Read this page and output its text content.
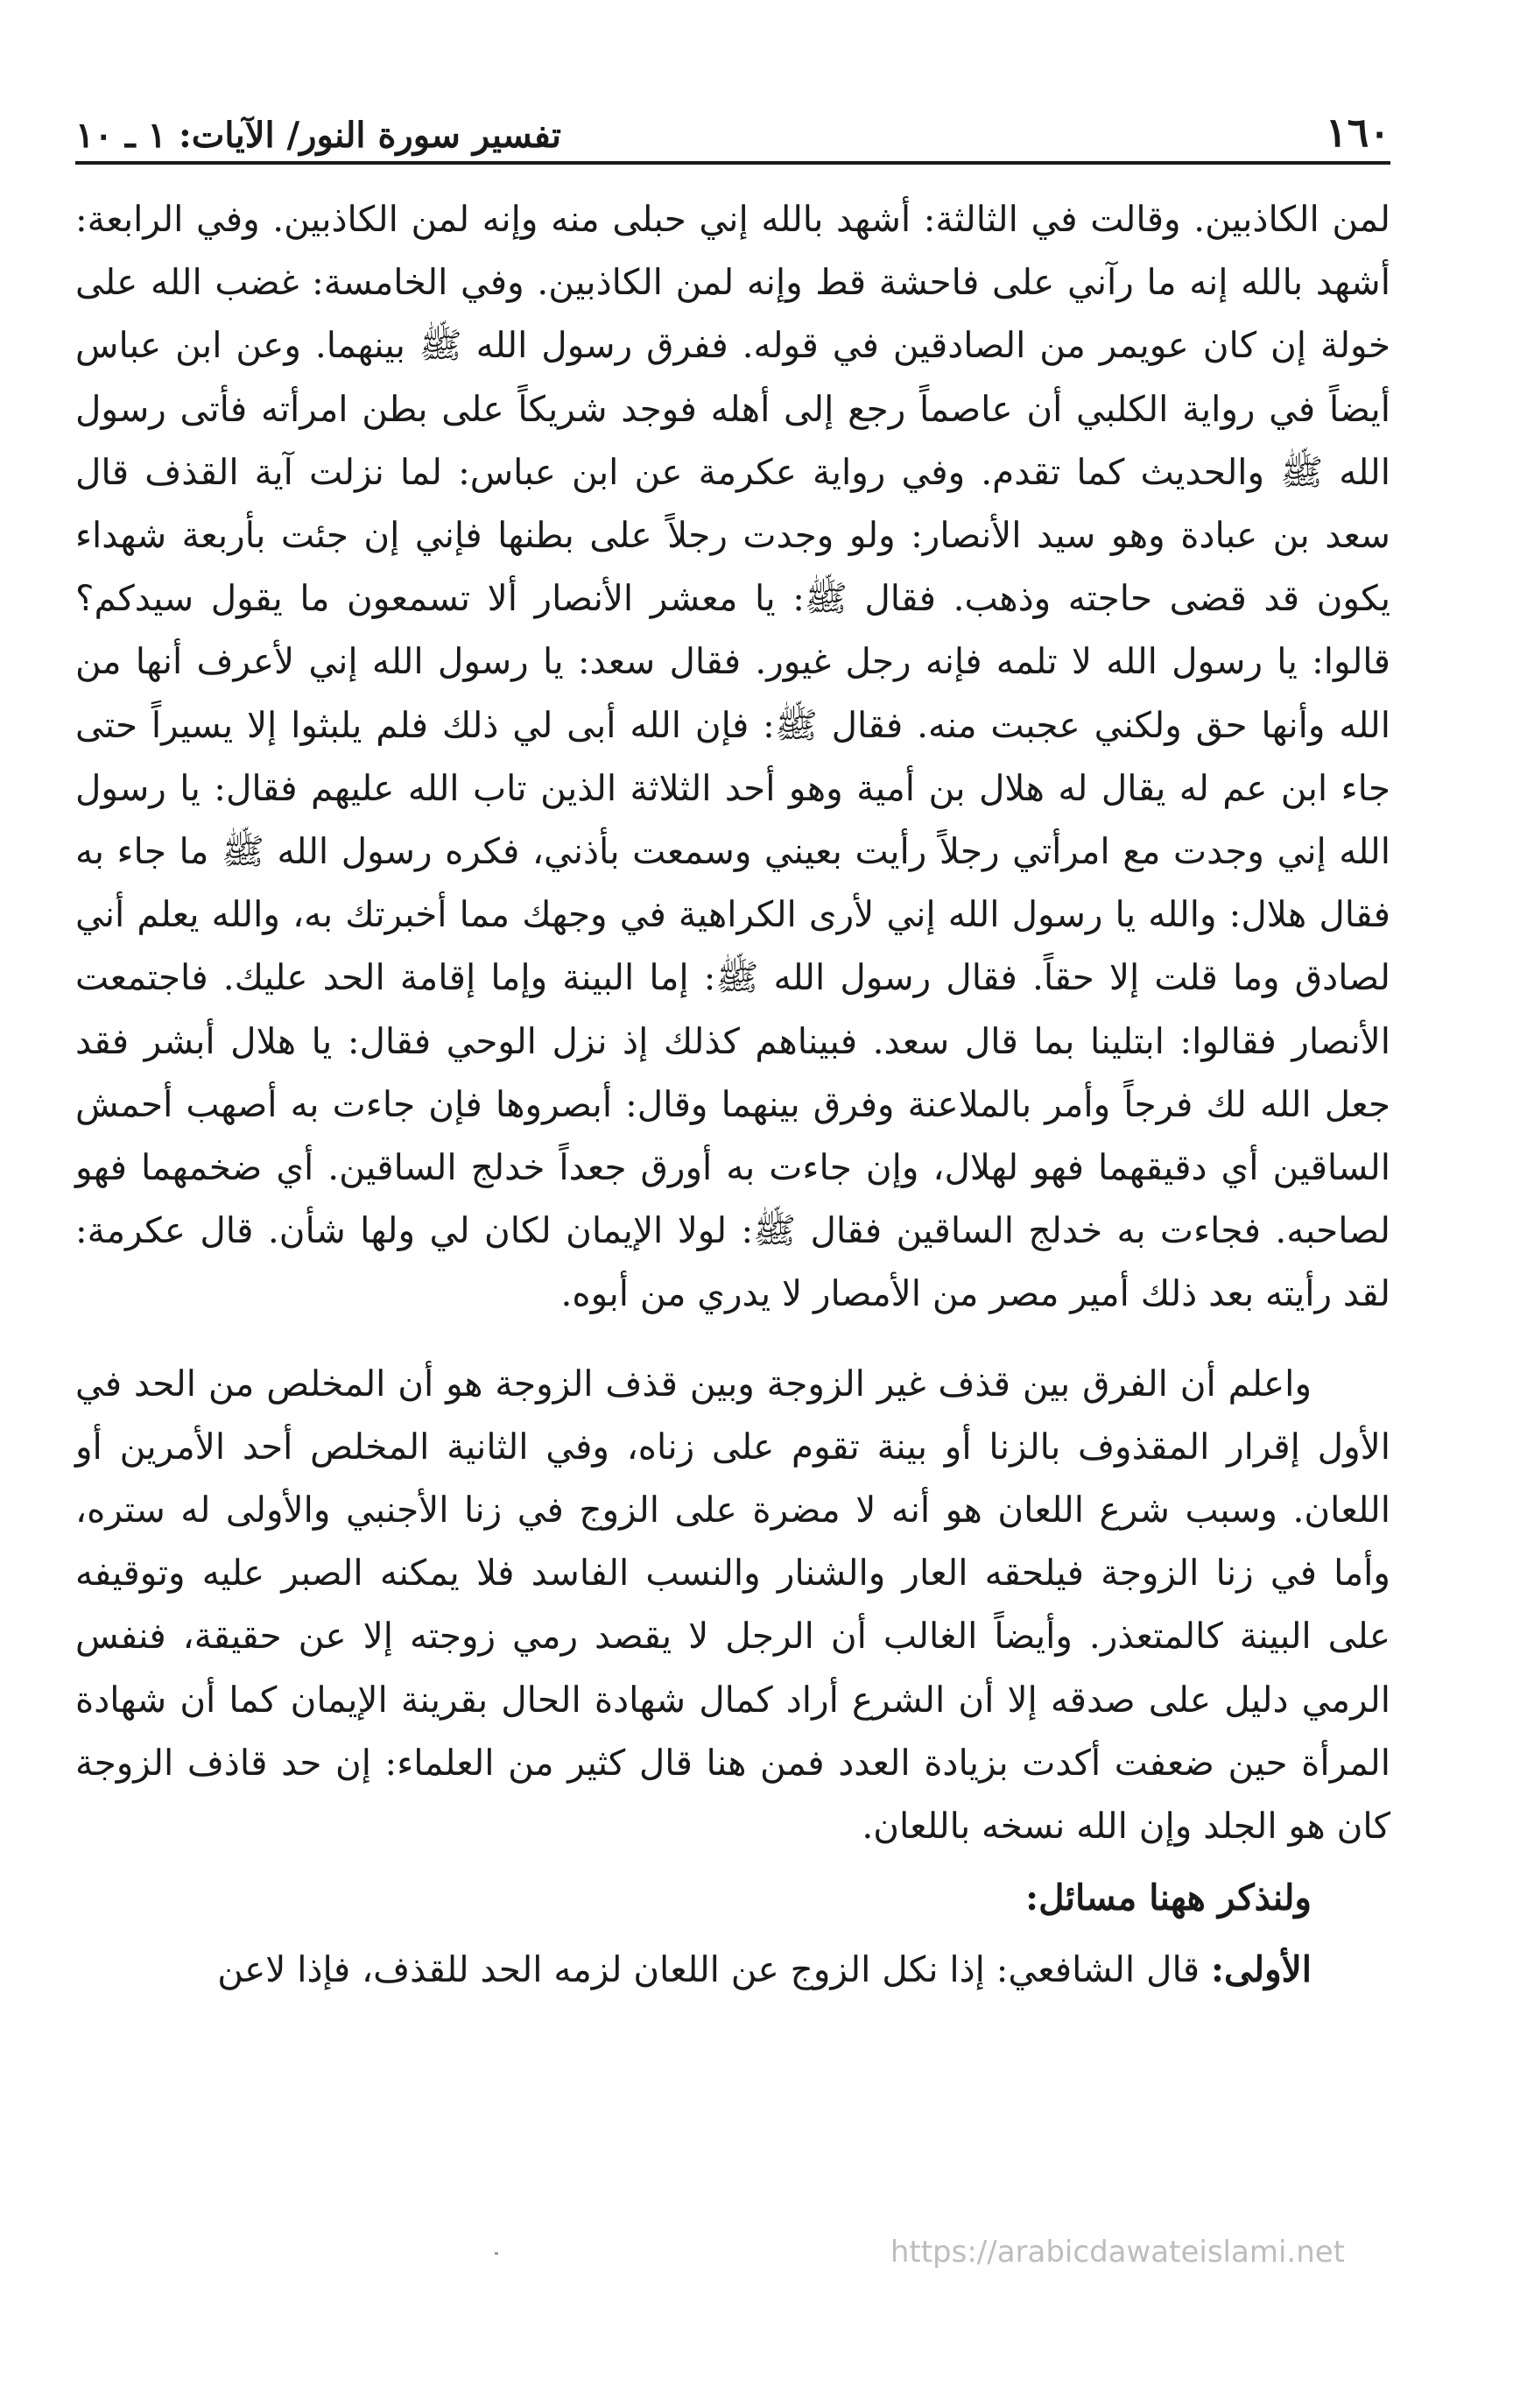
١٦٠
تفسير سورة النور/ الآيات: ١ ـ ١٠

لمن الكاذبين. وقالت في الثالثة: أشهد بالله إني حبلى منه وإنه لمن الكاذبين. وفي الرابعة: أشهد بالله إنه ما رآني على فاحشة قط وإنه لمن الكاذبين. وفي الخامسة: غضب الله على خولة إن كان عويمر من الصادقين في قوله. ففرق رسول الله ﷺ بينهما. وعن ابن عباس أيضاً في رواية الكلبي أن عاصماً رجع إلى أهله فوجد شريكاً على بطن امرأته فأتى رسول الله ﷺ والحديث كما تقدم. وفي رواية عكرمة عن ابن عباس: لما نزلت آية القذف قال سعد بن عبادة وهو سيد الأنصار: ولو وجدت رجلاً على بطنها فإني إن جئت بأربعة شهداء يكون قد قضى حاجته وذهب. فقال ﷺ: يا معشر الأنصار ألا تسمعون ما يقول سيدكم؟ قالوا: يا رسول الله لا تلمه فإنه رجل غيور. فقال سعد: يا رسول الله إني لأعرف أنها من الله وأنها حق ولكني عجبت منه. فقال ﷺ: فإن الله أبى لي ذلك فلم يلبثوا إلا يسيراً حتى جاء ابن عم له يقال له هلال بن أمية وهو أحد الثلاثة الذين تاب الله عليهم فقال: يا رسول الله إني وجدت مع امرأتي رجلاً رأيت بعيني وسمعت بأذني، فكره رسول الله ﷺ ما جاء به فقال هلال: والله يا رسول الله إني لأرى الكراهية في وجهك مما أخبرتك به، والله يعلم أني لصادق وما قلت إلا حقاً. فقال رسول الله ﷺ: إما البينة وإما إقامة الحد عليك. فاجتمعت الأنصار فقالوا: ابتلينا بما قال سعد. فبيناهم كذلك إذ نزل الوحي فقال: يا هلال أبشر فقد جعل الله لك فرجاً وأمر بالملاعنة وفرق بينهما وقال: أبصروها فإن جاءت به أصهب أحمش الساقين أي دقيقهما فهو لهلال، وإن جاءت به أورق جعداً خدلج الساقين. أي ضخمهما فهو لصاحبه. فجاءت به خدلج الساقين فقال ﷺ: لولا الإيمان لكان لي ولها شأن. قال عكرمة: لقد رأيته بعد ذلك أمير مصر من الأمصار لا يدري من أبوه.

واعلم أن الفرق بين قذف غير الزوجة وبين قذف الزوجة هو أن المخلص من الحد في الأول إقرار المقذوف بالزنا أو بينة تقوم على زناه، وفي الثانية المخلص أحد الأمرين أو اللعان. وسبب شرع اللعان هو أنه لا مضرة على الزوج في زنا الأجنبي والأولى له ستره، وأما في زنا الزوجة فيلحقه العار والشنار والنسب الفاسد فلا يمكنه الصبر عليه وتوقيفه على البينة كالمتعذر. وأيضاً الغالب أن الرجل لا يقصد رمي زوجته إلا عن حقيقة، فنفس الرمي دليل على صدقه إلا أن الشرع أراد كمال شهادة الحال بقرينة الإيمان كما أن شهادة المرأة حين ضعفت أكدت بزيادة العدد فمن هنا قال كثير من العلماء: إن حد قاذف الزوجة كان هو الجلد وإن الله نسخه باللعان.

ولنذكر ههنا مسائل:

الأولى: قال الشافعي: إذا نكل الزوج عن اللعان لزمه الحد للقذف، فإذا لاعن

https://arabicdawateislami.net
